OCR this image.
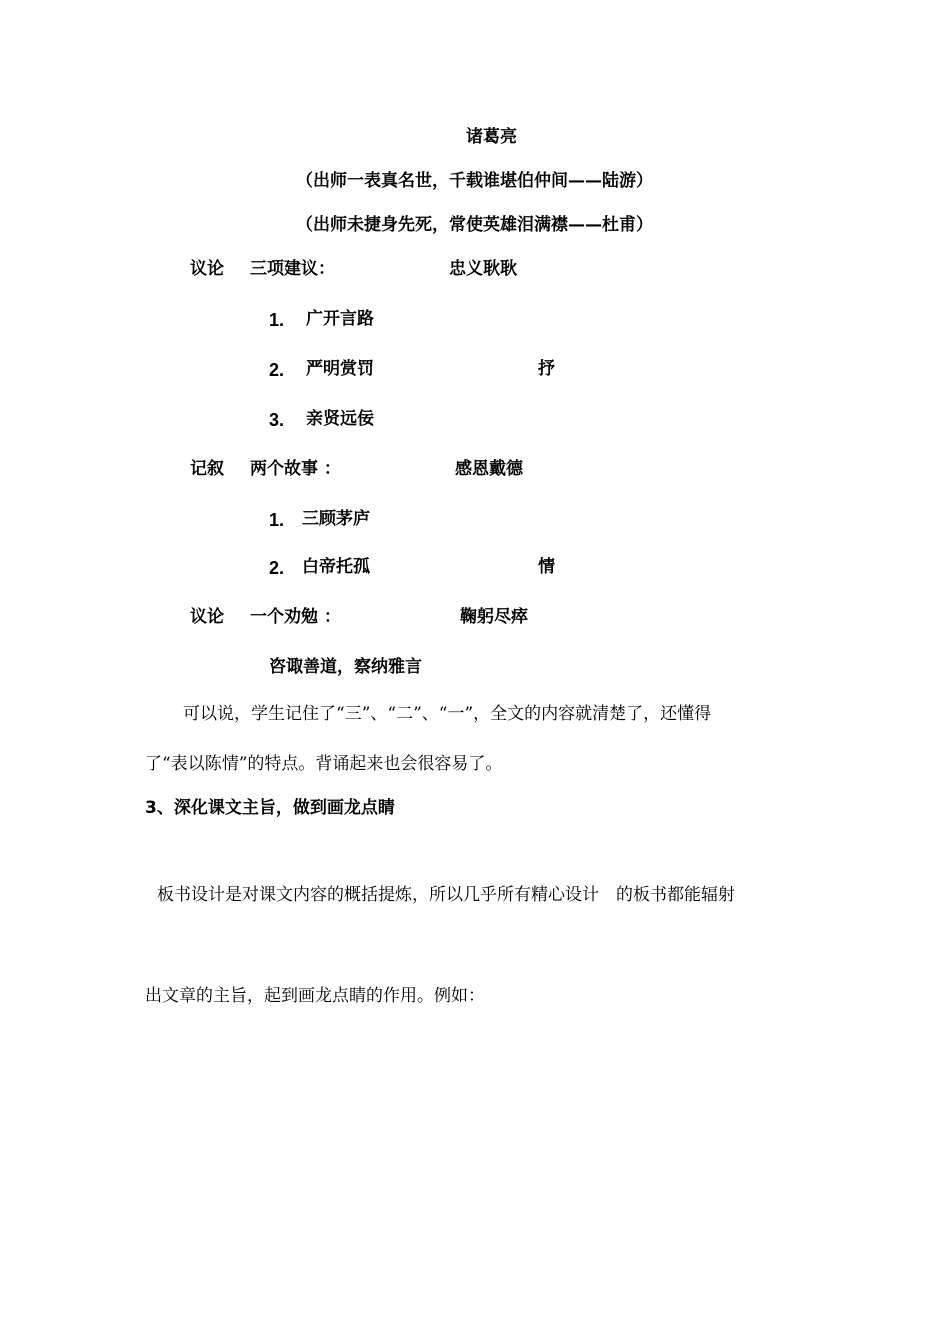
诸葛亮
（出师一表真名世，千载谁堪伯仲间——陆游）
（出师未捷身先死，常使英雄泪满襟——杜甫）
议论 三项建议：	忠义耿耿
1. 广开言路
2. 严明赏罚	抒
3. 亲贤远佞
记叙 两个故事 ：	感恩戴德
1. 三顾茅庐
2. 白帝托孤	情
议论 一个劝勉 ：	鞠躬尽瘁
咨诹善道，察纳雅言
可以说，学生记住了“三”、“二”、“一”，全文的内容就清楚了，还懂得
了“表以陈情”的特点。背诵起来也会很容易了。
3、深化课文主旨，做到画龙点睛
板书设计是对课文内容的概括提炼，所以几乎所有精心设计　的板书都能辐射
出文章的主旨，起到画龙点睛的作用。例如：
